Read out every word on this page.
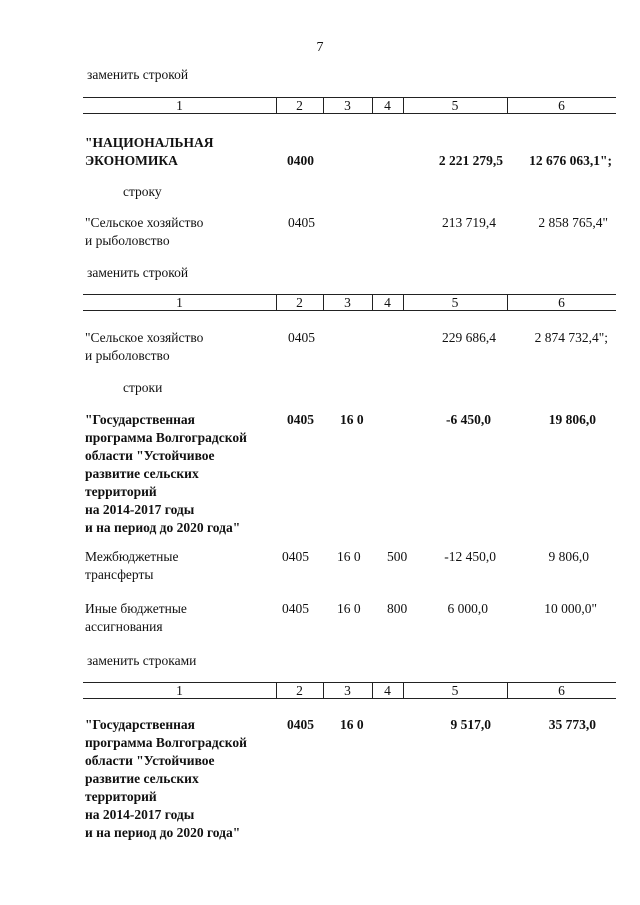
7
заменить строкой
1	2	3	4	5	6
"НАЦИОНАЛЬНАЯ
ЭКОНОМИКА	0400	2 221 279,5	12 676 063,1";
строку
"Сельское хозяйство
и рыболовство
0405	213 719,4	2 858 765,4"
заменить строкой
1	2	3	4	5	6
"Сельское хозяйство
и рыболовство
0405	229 686,4	2 874 732,4";
строки
"Государственная
программа Волгоградской
области "Устойчивое
развитие сельских
территорий
на 2014-2017 годы
и на период до 2020 года"
0405 16 0	-6 450,0	19 806,0
Межбюджетные
трансферты
0405 16 0 500	-12 450,0	9 806,0
Иные бюджетные
ассигнования
0405 16 0 800	6 000,0	10 000,0"
заменить строками
1	2	3	4	5	6
"Государственная
программа Волгоградской
области "Устойчивое
развитие сельских
территорий
на 2014-2017 годы
и на период до 2020 года"
0405 16 0	9 517,0	35 773,0
